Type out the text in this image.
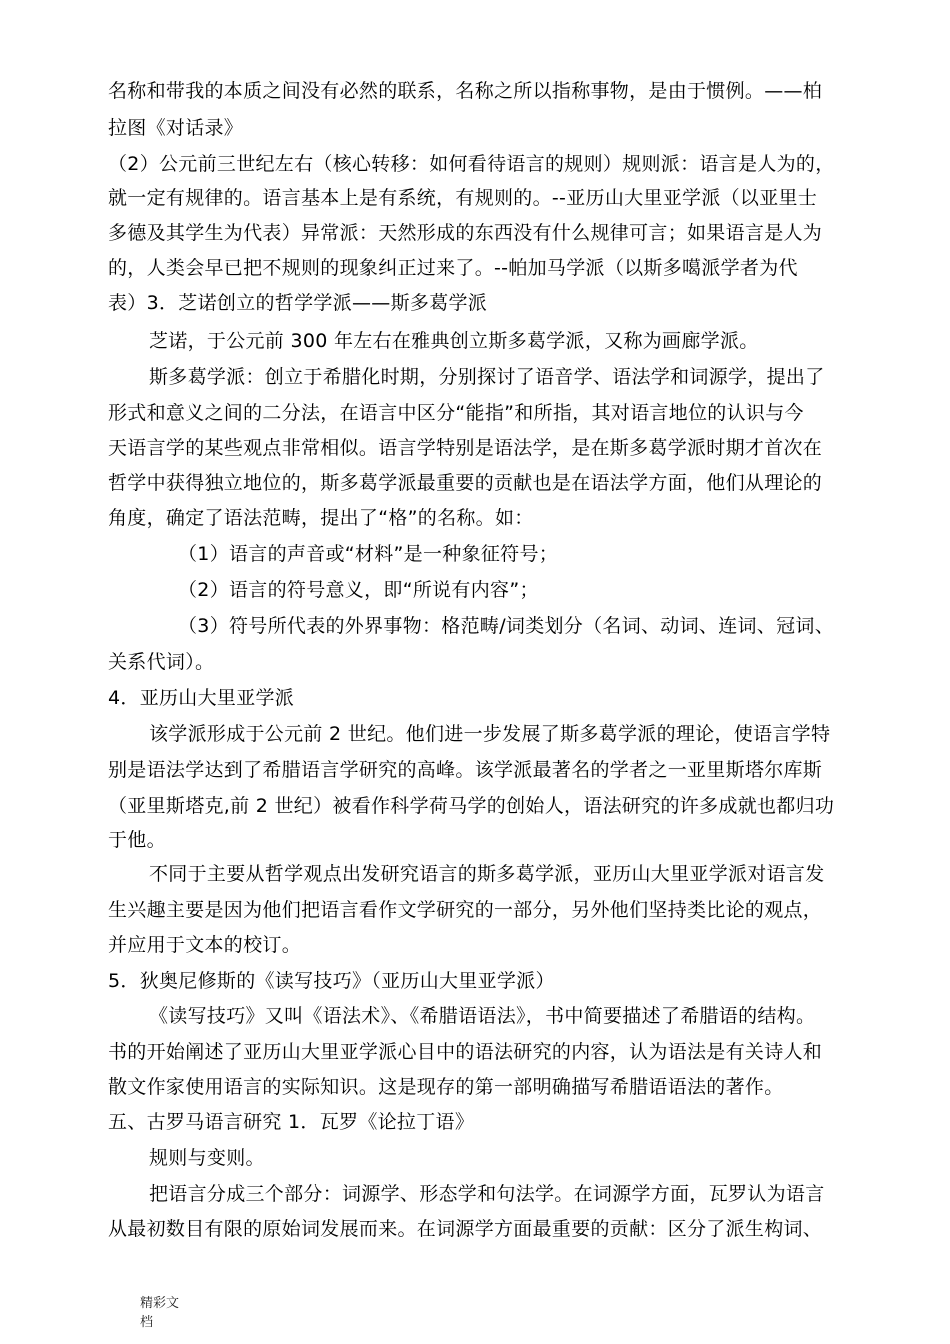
名称和带我的本质之间没有必然的联系，名称之所以指称事物，是由于惯例。——柏
拉图《对话录》
（2）公元前三世纪左右（核心转移：如何看待语言的规则）规则派：语言是人为的，
就一定有规律的。语言基本上是有系统，有规则的。--亚历山大里亚学派（以亚里士
多德及其学生为代表）异常派：天然形成的东西没有什么规律可言；如果语言是人为
的，人类会早已把不规则的现象纠正过来了。--帕加马学派（以斯多噶派学者为代
表）3．芝诺创立的哲学学派——斯多葛学派
芝诺，于公元前 300 年左右在雅典创立斯多葛学派，又称为画廊学派。
斯多葛学派：创立于希腊化时期，分别探讨了语音学、语法学和词源学，提出了
形式和意义之间的二分法，在语言中区分“能指”和所指，其对语言地位的认识与今
天语言学的某些观点非常相似。语言学特别是语法学，是在斯多葛学派时期才首次在
哲学中获得独立地位的，斯多葛学派最重要的贡献也是在语法学方面，他们从理论的
角度，确定了语法范畴，提出了“格”的名称。如：
（1）语言的声音或“材料”是一种象征符号；
（2）语言的符号意义，即“所说有内容”；
（3）符号所代表的外界事物：格范畴/词类划分（名词、动词、连词、冠词、
关系代词）。
4．亚历山大里亚学派
该学派形成于公元前 2 世纪。他们进一步发展了斯多葛学派的理论，使语言学特
别是语法学达到了希腊语言学研究的高峰。该学派最著名的学者之一亚里斯塔尔库斯
（亚里斯塔克,前 2 世纪）被看作科学荷马学的创始人，语法研究的许多成就也都归功
于他。
不同于主要从哲学观点出发研究语言的斯多葛学派，亚历山大里亚学派对语言发
生兴趣主要是因为他们把语言看作文学研究的一部分，另外他们坚持类比论的观点，
并应用于文本的校订。
5．狄奥尼修斯的《读写技巧》（亚历山大里亚学派）
《读写技巧》又叫《语法术》、《希腊语语法》，书中简要描述了希腊语的结构。
书的开始阐述了亚历山大里亚学派心目中的语法研究的内容，认为语法是有关诗人和
散文作家使用语言的实际知识。这是现存的第一部明确描写希腊语语法的著作。
五、古罗马语言研究 1．瓦罗《论拉丁语》
规则与变则。
把语言分成三个部分：词源学、形态学和句法学。在词源学方面，瓦罗认为语言
从最初数目有限的原始词发展而来。在词源学方面最重要的贡献：区分了派生构词、
精彩文
档
